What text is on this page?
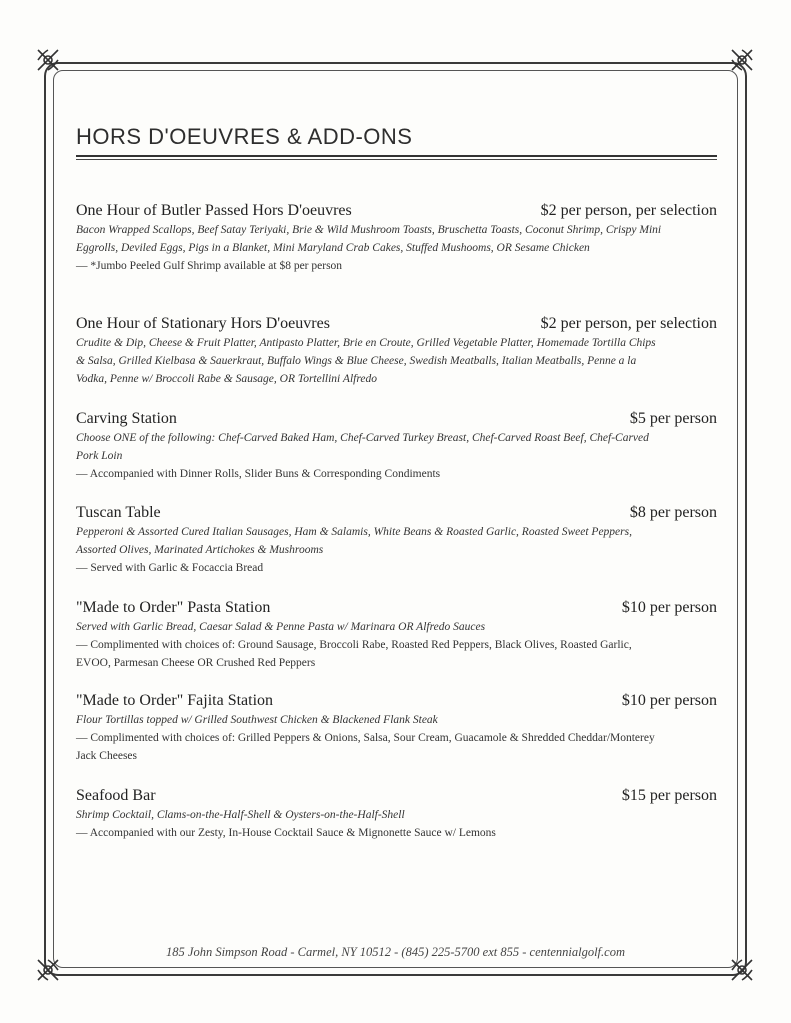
HORS D'OEUVRES & ADD-ONS
One Hour of Butler Passed Hors D'oeuvres	$2 per person, per selection
Bacon Wrapped Scallops, Beef Satay Teriyaki, Brie & Wild Mushroom Toasts, Bruschetta Toasts, Coconut Shrimp, Crispy Mini Eggrolls, Deviled Eggs, Pigs in a Blanket, Mini Maryland Crab Cakes, Stuffed Mushooms, OR Sesame Chicken
— *Jumbo Peeled Gulf Shrimp available at $8 per person
One Hour of Stationary Hors D'oeuvres	$2 per person, per selection
Crudite & Dip, Cheese & Fruit Platter, Antipasto Platter, Brie en Croute, Grilled Vegetable Platter, Homemade Tortilla Chips & Salsa, Grilled Kielbasa & Sauerkraut, Buffalo Wings & Blue Cheese, Swedish Meatballs, Italian Meatballs, Penne a la Vodka, Penne w/ Broccoli Rabe & Sausage, OR Tortellini Alfredo
Carving Station	$5 per person
Choose ONE of the following: Chef-Carved Baked Ham, Chef-Carved Turkey Breast, Chef-Carved Roast Beef, Chef-Carved Pork Loin
— Accompanied with Dinner Rolls, Slider Buns & Corresponding Condiments
Tuscan Table	$8 per person
Pepperoni & Assorted Cured Italian Sausages, Ham & Salamis, White Beans & Roasted Garlic, Roasted Sweet Peppers, Assorted Olives, Marinated Artichokes & Mushrooms
— Served with Garlic & Focaccia Bread
"Made to Order" Pasta Station	$10 per person
Served with Garlic Bread, Caesar Salad & Penne Pasta w/ Marinara OR Alfredo Sauces
— Complimented with choices of: Ground Sausage, Broccoli Rabe, Roasted Red Peppers, Black Olives, Roasted Garlic, EVOO, Parmesan Cheese OR Crushed Red Peppers
"Made to Order" Fajita Station	$10 per person
Flour Tortillas topped w/ Grilled Southwest Chicken & Blackened Flank Steak
— Complimented with choices of: Grilled Peppers & Onions, Salsa, Sour Cream, Guacamole & Shredded Cheddar/Monterey Jack Cheeses
Seafood Bar	$15 per person
Shrimp Cocktail, Clams-on-the-Half-Shell & Oysters-on-the-Half-Shell
— Accompanied with our Zesty, In-House Cocktail Sauce & Mignonette Sauce w/ Lemons
185 John Simpson Road - Carmel, NY 10512 - (845) 225-5700 ext 855 - centennialgolf.com
